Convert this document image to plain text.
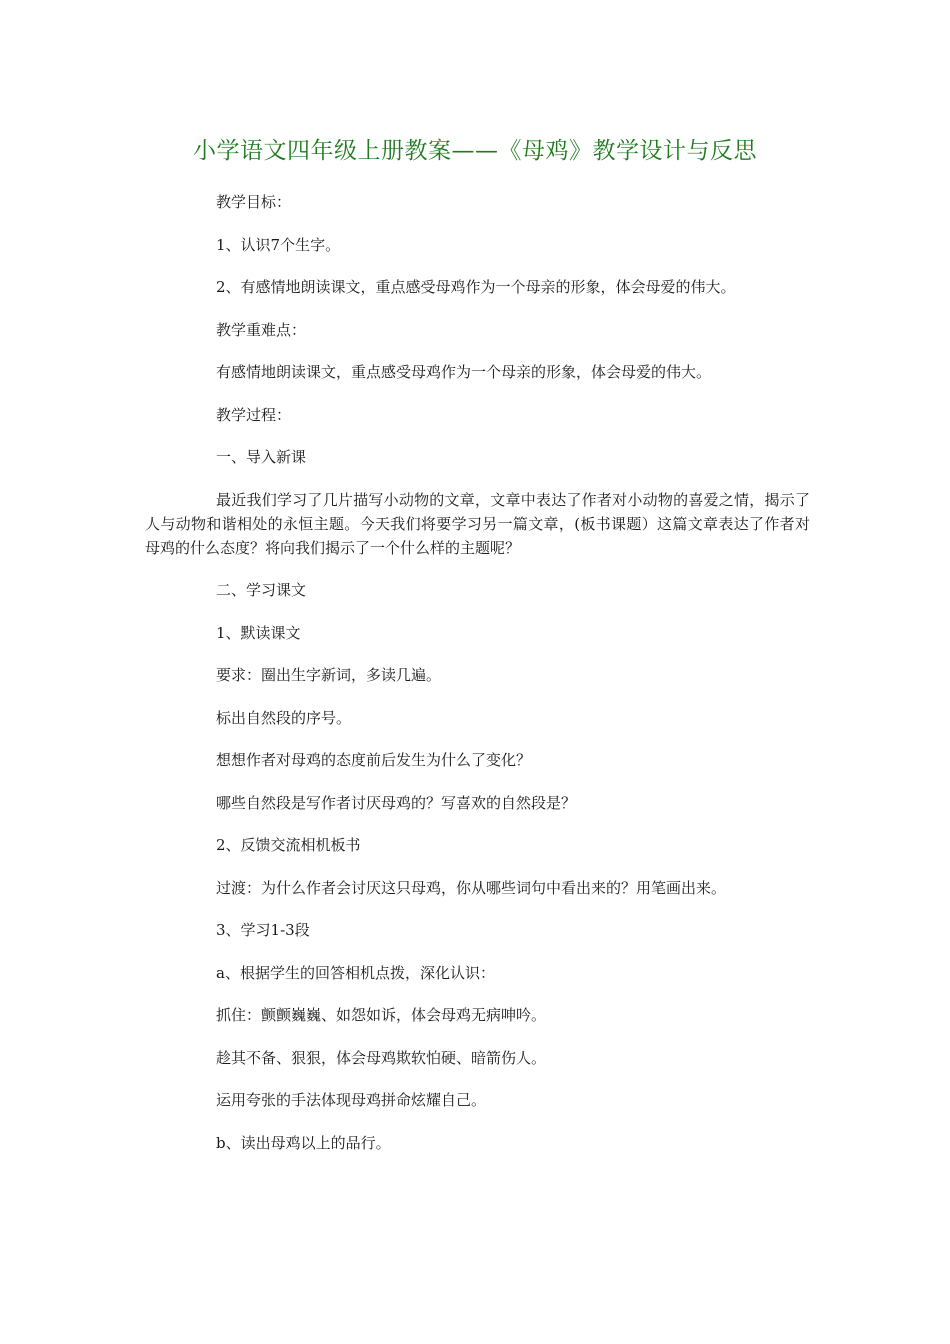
小学语文四年级上册教案——《母鸡》教学设计与反思

教学目标：

1、认识7个生字。

2、有感情地朗读课文，重点感受母鸡作为一个母亲的形象，体会母爱的伟大。

教学重难点：

有感情地朗读课文，重点感受母鸡作为一个母亲的形象，体会母爱的伟大。

教学过程：

一、导入新课

最近我们学习了几片描写小动物的文章，文章中表达了作者对小动物的喜爱之情，揭示了人与动物和谐相处的永恒主题。今天我们将要学习另一篇文章，(板书课题）这篇文章表达了作者对母鸡的什么态度？将向我们揭示了一个什么样的主题呢？

二、学习课文

1、默读课文

要求：圈出生字新词，多读几遍。

标出自然段的序号。

想想作者对母鸡的态度前后发生为什么了变化？

哪些自然段是写作者讨厌母鸡的？写喜欢的自然段是？

2、反馈交流相机板书

过渡：为什么作者会讨厌这只母鸡，你从哪些词句中看出来的？用笔画出来。

3、学习1-3段

a、根据学生的回答相机点拨，深化认识：

抓住：颤颤巍巍、如怨如诉，体会母鸡无病呻吟。

趁其不备、狠狠，体会母鸡欺软怕硬、暗箭伤人。

运用夸张的手法体现母鸡拼命炫耀自己。

b、读出母鸡以上的品行。
